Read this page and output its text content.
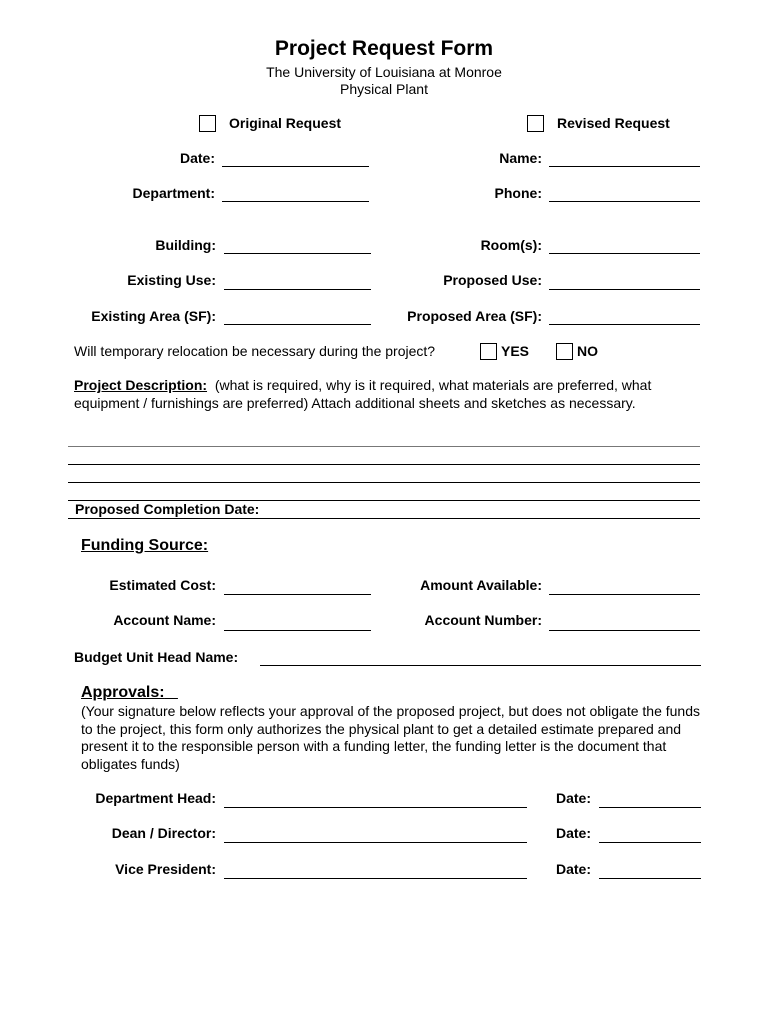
Project Request Form
The University of Louisiana at Monroe
Physical Plant
Original Request	Revised Request
Date:	Name:
Department:	Phone:
Building:	Room(s):
Existing Use:	Proposed Use:
Existing Area (SF):	Proposed Area (SF):
Will temporary relocation be necessary during the project?	YES	NO
Project Description: (what is required, why is it required, what materials are preferred, what equipment / furnishings are preferred) Attach additional sheets and sketches as necessary.
Proposed Completion Date:
Funding Source:
Estimated Cost:	Amount Available:
Account Name:	Account Number:
Budget Unit Head Name:
Approvals:
(Your signature below reflects your approval of the proposed project, but does not obligate the funds to the project, this form only authorizes the physical plant to get a detailed estimate prepared and present it to the responsible person with a funding letter, the funding letter is the document that obligates funds)
Department Head:	Date:
Dean / Director:	Date:
Vice President:	Date:
